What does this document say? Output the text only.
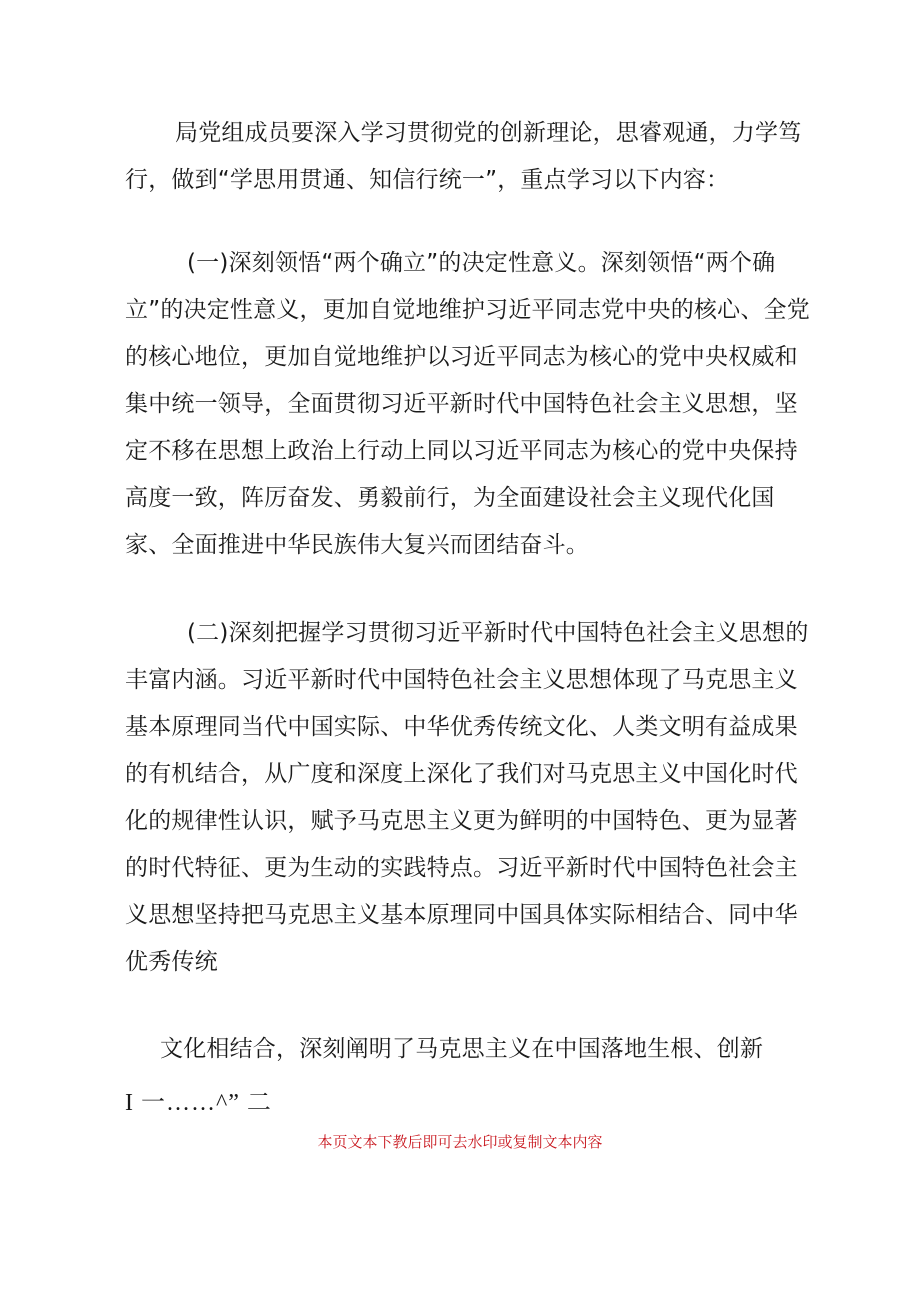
局党组成员要深入学习贯彻党的创新理论，思睿观通，力学笃行，做到“学思用贯通、知信行统一”，重点学习以下内容：

(一)深刻领悟“两个确立”的决定性意义。深刻领悟“两个确立”的决定性意义，更加自觉地维护习近平同志党中央的核心、全党的核心地位，更加自觉地维护以习近平同志为核心的党中央权威和集中统一领导，全面贯彻习近平新时代中国特色社会主义思想，坚定不移在思想上政治上行动上同以习近平同志为核心的党中央保持高度一致，阵厉奋发、勇毅前行，为全面建设社会主义现代化国家、全面推进中华民族伟大复兴而团结奋斗。

(二)深刻把握学习贯彻习近平新时代中国特色社会主义思想的丰富内涵。习近平新时代中国特色社会主义思想体现了马克思主义基本原理同当代中国实际、中华优秀传统文化、人类文明有益成果的有机结合，从广度和深度上深化了我们对马克思主义中国化时代化的规律性认识，赋予马克思主义更为鲜明的中国特色、更为显著的时代特征、更为生动的实践特点。习近平新时代中国特色社会主义思想坚持把马克思主义基本原理同中国具体实际相结合、同中华优秀传统

文化相结合，深刻阐明了马克思主义在中国落地生根、创新

I 一……^” 二

本页文本下教后即可去水印或复制文本内容
